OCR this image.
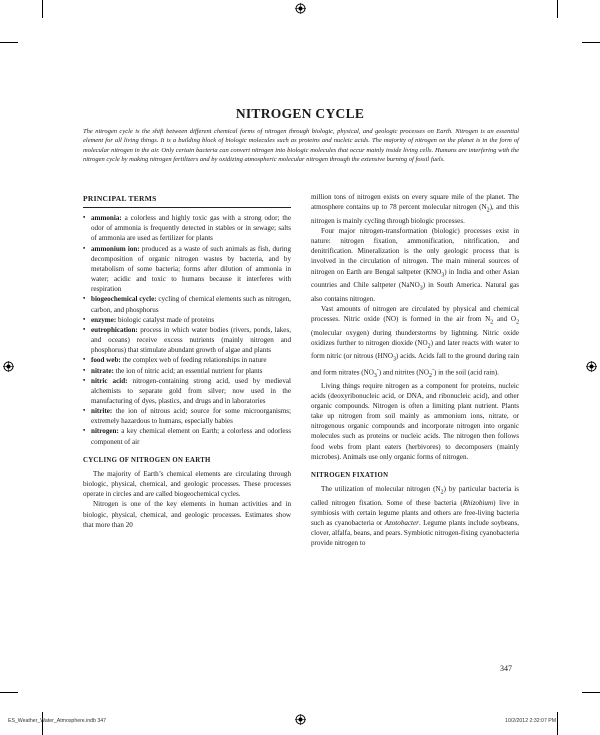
NITROGEN CYCLE
The nitrogen cycle is the shift between different chemical forms of nitrogen through biologic, physical, and geologic processes on Earth. Nitrogen is an essential element for all living things. It is a building block of biologic molecules such as proteins and nucleic acids. The majority of nitrogen on the planet is in the form of molecular nitrogen in the air. Only certain bacteria can convert nitrogen into biologic molecules that occur mainly inside living cells. Humans are interfering with the nitrogen cycle by making nitrogen fertilizers and by oxidizing atmospheric molecular nitrogen through the extensive burning of fossil fuels.
PRINCIPAL TERMS
▪ ammonia: a colorless and highly toxic gas with a strong odor; the odor of ammonia is frequently detected in stables or in sewage; salts of ammonia are used as fertilizer for plants
▪ ammonium ion: produced as a waste of such animals as fish, during decomposition of organic nitrogen wastes by bacteria, and by metabolism of some bacteria; forms after dilution of ammonia in water; acidic and toxic to humans because it interferes with respiration
▪ biogeochemical cycle: cycling of chemical elements such as nitrogen, carbon, and phosphorus
▪ enzyme: biologic catalyst made of proteins
▪ eutrophication: process in which water bodies (rivers, ponds, lakes, and oceans) receive excess nutrients (mainly nitrogen and phosphorus) that stimulate abundant growth of algae and plants
▪ food web: the complex web of feeding relationships in nature
▪ nitrate: the ion of nitric acid; an essential nutrient for plants
▪ nitric acid: nitrogen-containing strong acid, used by medieval alchemists to separate gold from silver; now used in the manufacturing of dyes, plastics, and drugs and in laboratories
▪ nitrite: the ion of nitrous acid; source for some microorganisms; extremely hazardous to humans, especially babies
▪ nitrogen: a key chemical element on Earth; a colorless and odorless component of air
CYCLING OF NITROGEN ON EARTH

The majority of Earth’s chemical elements are circulating through biologic, physical, chemical, and geologic processes. These processes operate in circles and are called biogeochemical cycles.

Nitrogen is one of the key elements in human activities and in biologic, physical, chemical, and geologic processes. Estimates show that more than 20

million tons of nitrogen exists on every square mile of the planet. The atmosphere contains up to 78 percent molecular nitrogen $(N_2)$, and this nitrogen is mainly cycling through biologic processes.

Four major nitrogen-transformation (biologic) processes exist in nature: nitrogen fixation, ammonification, nitrification, and denitrification. Mineralization is the only geologic process that is involved in the circulation of nitrogen. The main mineral sources of nitrogen on Earth are Bengal saltpeter $(KNO_3)$ in India and other Asian countries and Chile saltpeter (NaNO$_3$) in South America. Natural gas also contains nitrogen.

Vast amounts of nitrogen are circulated by physical and chemical processes. Nitric oxide (NO) is formed in the air from $N_2$ and $O_2$ (molecular oxygen) during thunderstorms by lightning. Nitric oxide oxidizes further to nitrogen dioxide $(NO_2)$ and later reacts with water to form nitric (or nitrous $(HNO_3)$ acids. Acids fall to the ground during rain and form nitrates $(NO_3^-)$ and nitrites $(NO_2^-)$ in the soil (acid rain).

Living things require nitrogen as a component for proteins, nucleic acids (deoxyribonucleic acid, or DNA, and ribonucleic acid), and other organic compounds. Nitrogen is often a limiting plant nutrient. Plants take up nitrogen from soil mainly as ammonium ions, nitrate, or nitrogenous organic compounds and incorporate nitrogen into organic molecules such as proteins or nucleic acids. The nitrogen then follows food webs from plant eaters (herbivores) to decomposers (mainly microbes). Animals use only organic forms of nitrogen.

NITROGEN FIXATION

The utilization of molecular nitrogen $(N_2)$ by particular bacteria is called nitrogen fixation. Some of these bacteria (Rhizobium) live in symbiosis with certain legume plants and others are free-living bacteria such as cyanobacteria or Azotobacter. Legume plants include soybeans, clover, alfalfa, beans, and pears. Symbiotic nitrogen-fixing cyanobacteria provide nitrogen to

347
ES_Weather_Water_Atmosphere.indb 347	10/2/2012 2:32:07 PM
